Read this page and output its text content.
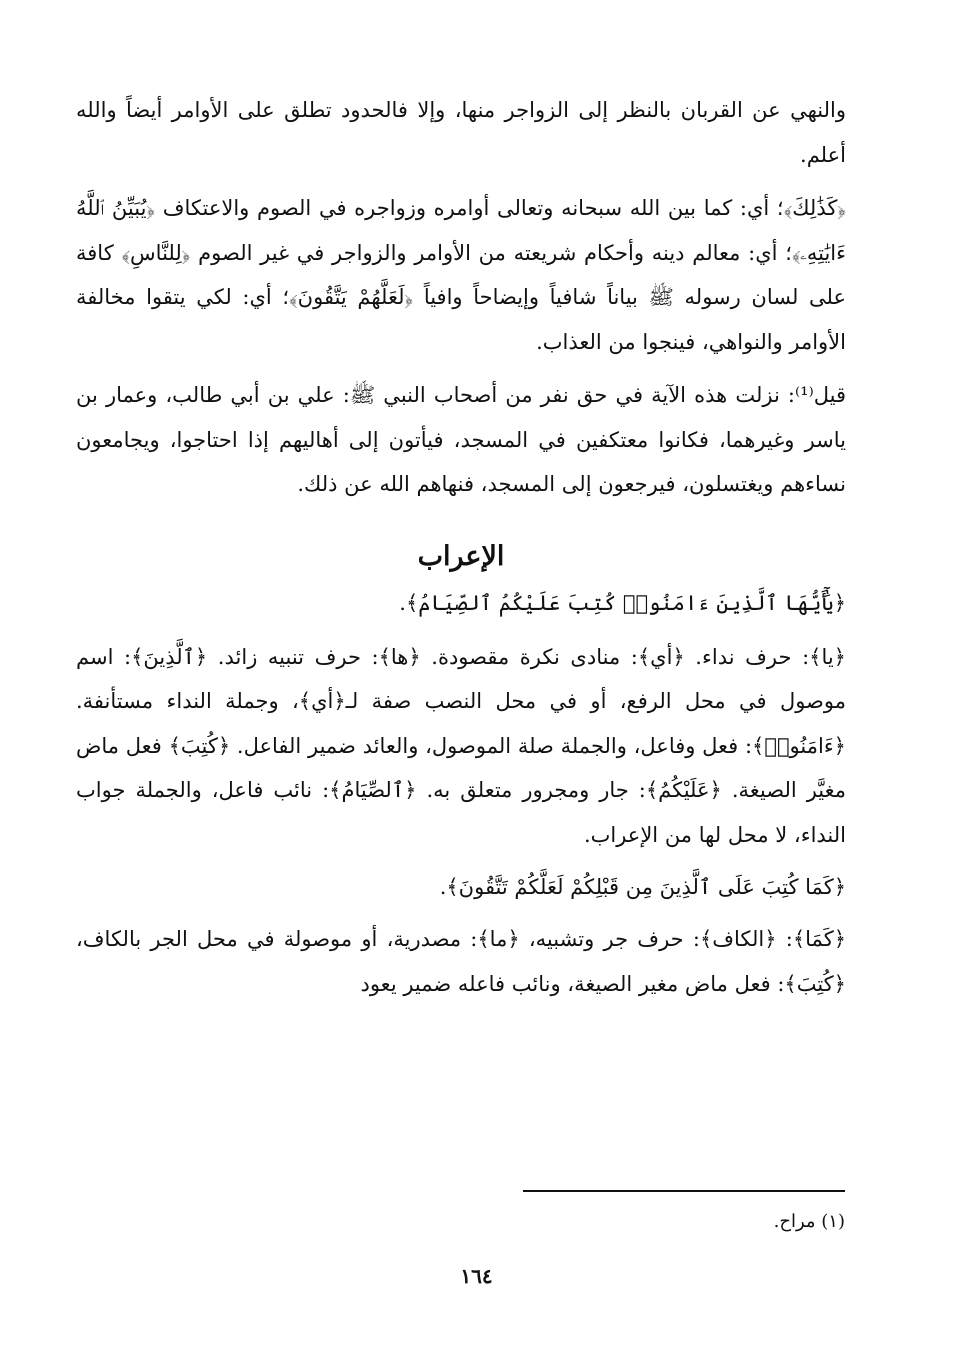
والنهي عن القربان بالنظر إلى الزواجر منها، وإلا فالحدود تطلق على الأوامر أيضاً والله أعلم.

﴿كَذَٰلِكَ﴾؛ أي: كما بين الله سبحانه وتعالى أوامره وزواجره في الصوم والاعتكاف ﴿يُبَيِّنُ ٱللَّهُ ءَايَٰتِهِۦ﴾؛ أي: معالم دينه وأحكام شريعته من الأوامر والزواجر في غير الصوم ﴿لِلنَّاسِ﴾ كافة على لسان رسوله ﷺ بياناً شافياً وإيضاحاً وافياً ﴿لَعَلَّهُمْ يَتَّقُونَ﴾؛ أي: لكي يتقوا مخالفة الأوامر والنواهي، فينجوا من العذاب.

قيل⁽¹⁾: نزلت هذه الآية في حق نفر من أصحاب النبي ﷺ: علي بن أبي طالب، وعمار بن ياسر وغيرهما، فكانوا معتكفين في المسجد، فيأتون إلى أهاليهم إذا احتاجوا، ويجامعون نساءهم ويغتسلون، فيرجعون إلى المسجد، فنهاهم الله عن ذلك.

الإعراب

﴿يَٰٓأَيُّهَا ٱلَّذِينَ ءَامَنُوا۟ كُتِبَ عَلَيْكُمُ ٱلصِّيَامُ﴾.

﴿يا﴾: حرف نداء. ﴿أي﴾: منادى نكرة مقصودة. ﴿ها﴾: حرف تنبيه زائد. ﴿ٱلَّذِينَ﴾: اسم موصول في محل الرفع، أو في محل النصب صفة لـ﴿أي﴾، وجملة النداء مستأنفة. ﴿ءَامَنُوا۟﴾: فعل وفاعل، والجملة صلة الموصول، والعائد ضمير الفاعل. ﴿كُتِبَ﴾ فعل ماض مغيَّر الصيغة. ﴿عَلَيْكُمُ﴾: جار ومجرور متعلق به. ﴿ٱلصِّيَامُ﴾: نائب فاعل، والجملة جواب النداء، لا محل لها من الإعراب.

﴿كَمَا كُتِبَ عَلَى ٱلَّذِينَ مِن قَبْلِكُمْ لَعَلَّكُمْ تَتَّقُونَ﴾.

﴿كَمَا﴾: ﴿الكاف﴾: حرف جر وتشبيه، ﴿ما﴾: مصدرية، أو موصولة في محل الجر بالكاف، ﴿كُتِبَ﴾: فعل ماض مغير الصيغة، ونائب فاعله ضمير يعود

(١) مراح.
١٦٤
